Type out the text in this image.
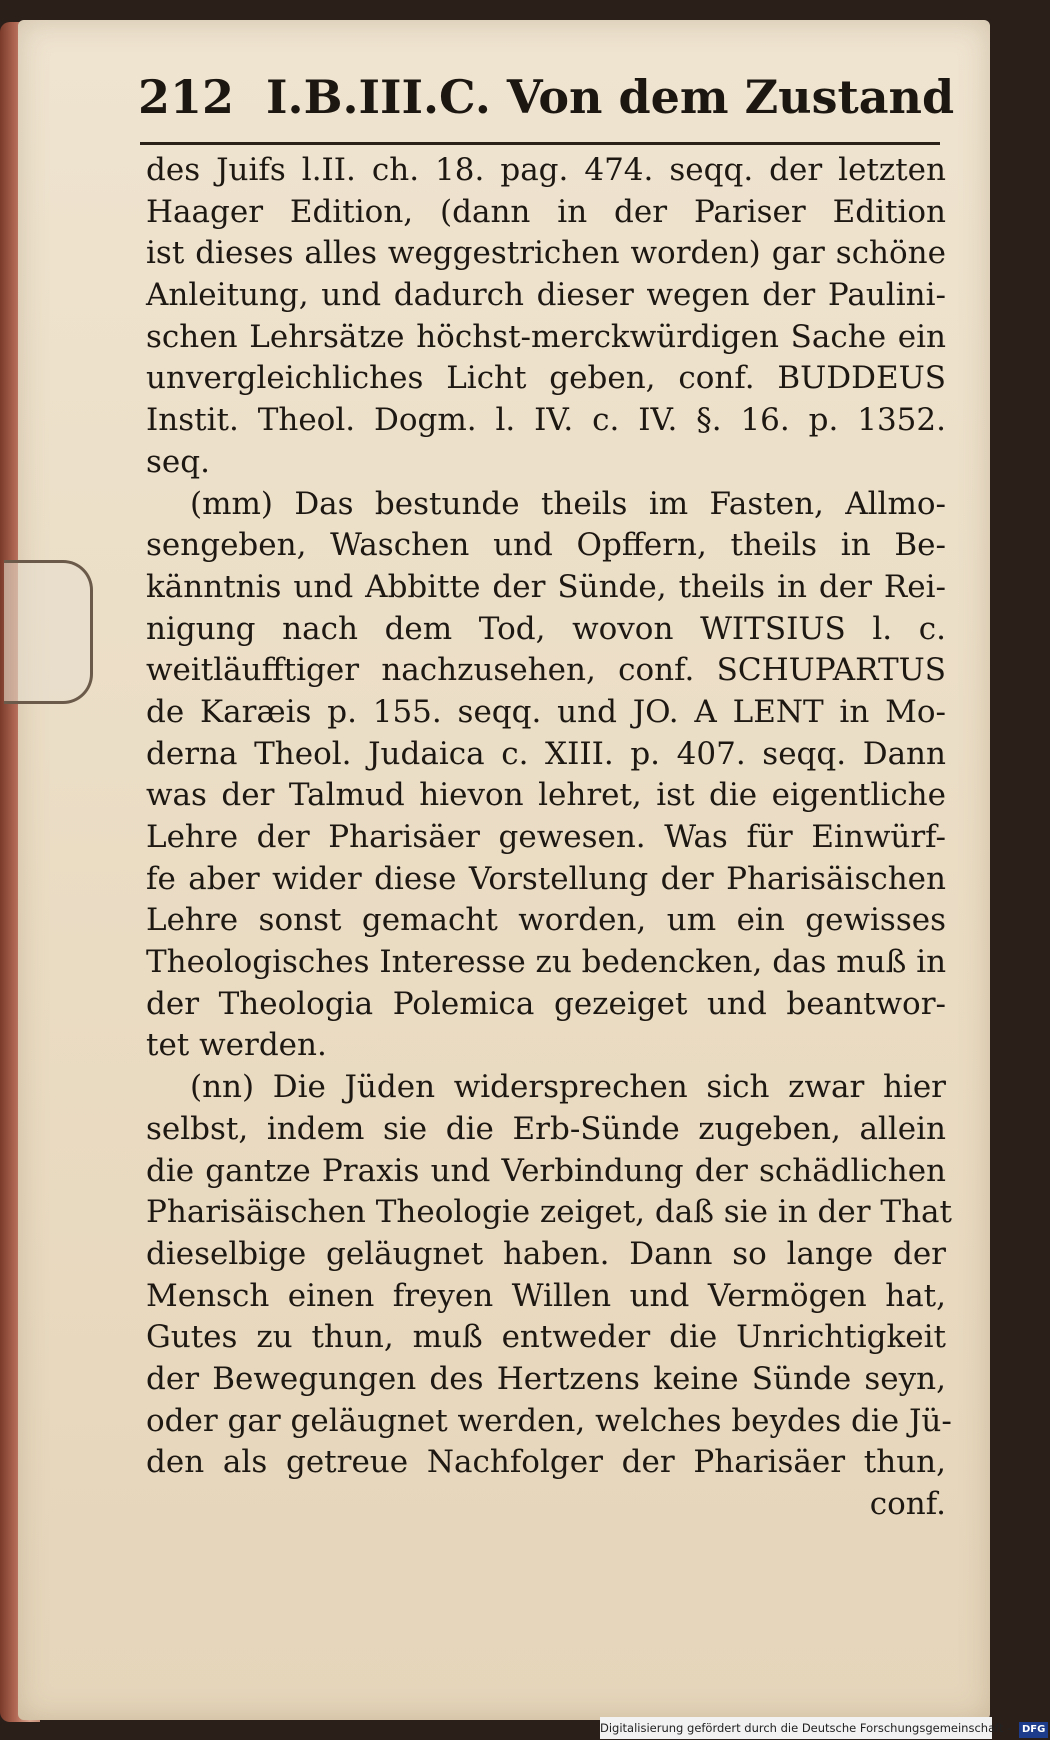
212 I.B.III.C. Von dem Zustand
des Juifs l.II. ch. 18. pag. 474. seqq. der letzten
Haager Edition, (dann in der Pariser Edition
ist dieses alles weggestrichen worden) gar schöne
Anleitung, und dadurch dieser wegen der Paulini-
schen Lehrsätze höchst-merckwürdigen Sache ein
unvergleichliches Licht geben, conf. BUDDEUS
Instit. Theol. Dogm. l. IV. c. IV. §. 16. p. 1352.
seq.
(mm) Das bestunde theils im Fasten, Allmo-
sengeben, Waschen und Opffern, theils in Be-
känntnis und Abbitte der Sünde, theils in der Rei-
nigung nach dem Tod, wovon WITSIUS l. c.
weitläufftiger nachzusehen, conf. SCHUPARTUS
de Karæis p. 155. seqq. und JO. A LENT in Mo-
derna Theol. Judaica c. XIII. p. 407. seqq. Dann
was der Talmud hievon lehret, ist die eigentliche
Lehre der Pharisäer gewesen. Was für Einwürf-
fe aber wider diese Vorstellung der Pharisäischen
Lehre sonst gemacht worden, um ein gewisses
Theologisches Interesse zu bedencken, das muß in
der Theologia Polemica gezeiget und beantwor-
tet werden.
(nn) Die Jüden widersprechen sich zwar hier
selbst, indem sie die Erb-Sünde zugeben, allein
die gantze Praxis und Verbindung der schädlichen
Pharisäischen Theologie zeiget, daß sie in der That
dieselbige geläugnet haben. Dann so lange der
Mensch einen freyen Willen und Vermögen hat,
Gutes zu thun, muß entweder die Unrichtigkeit
der Bewegungen des Hertzens keine Sünde seyn,
oder gar geläugnet werden, welches beydes die Jü-
den als getreue Nachfolger der Pharisäer thun,
conf.
Digitalisierung gefördert durch die Deutsche Forschungsgemeinschaft - DFG
